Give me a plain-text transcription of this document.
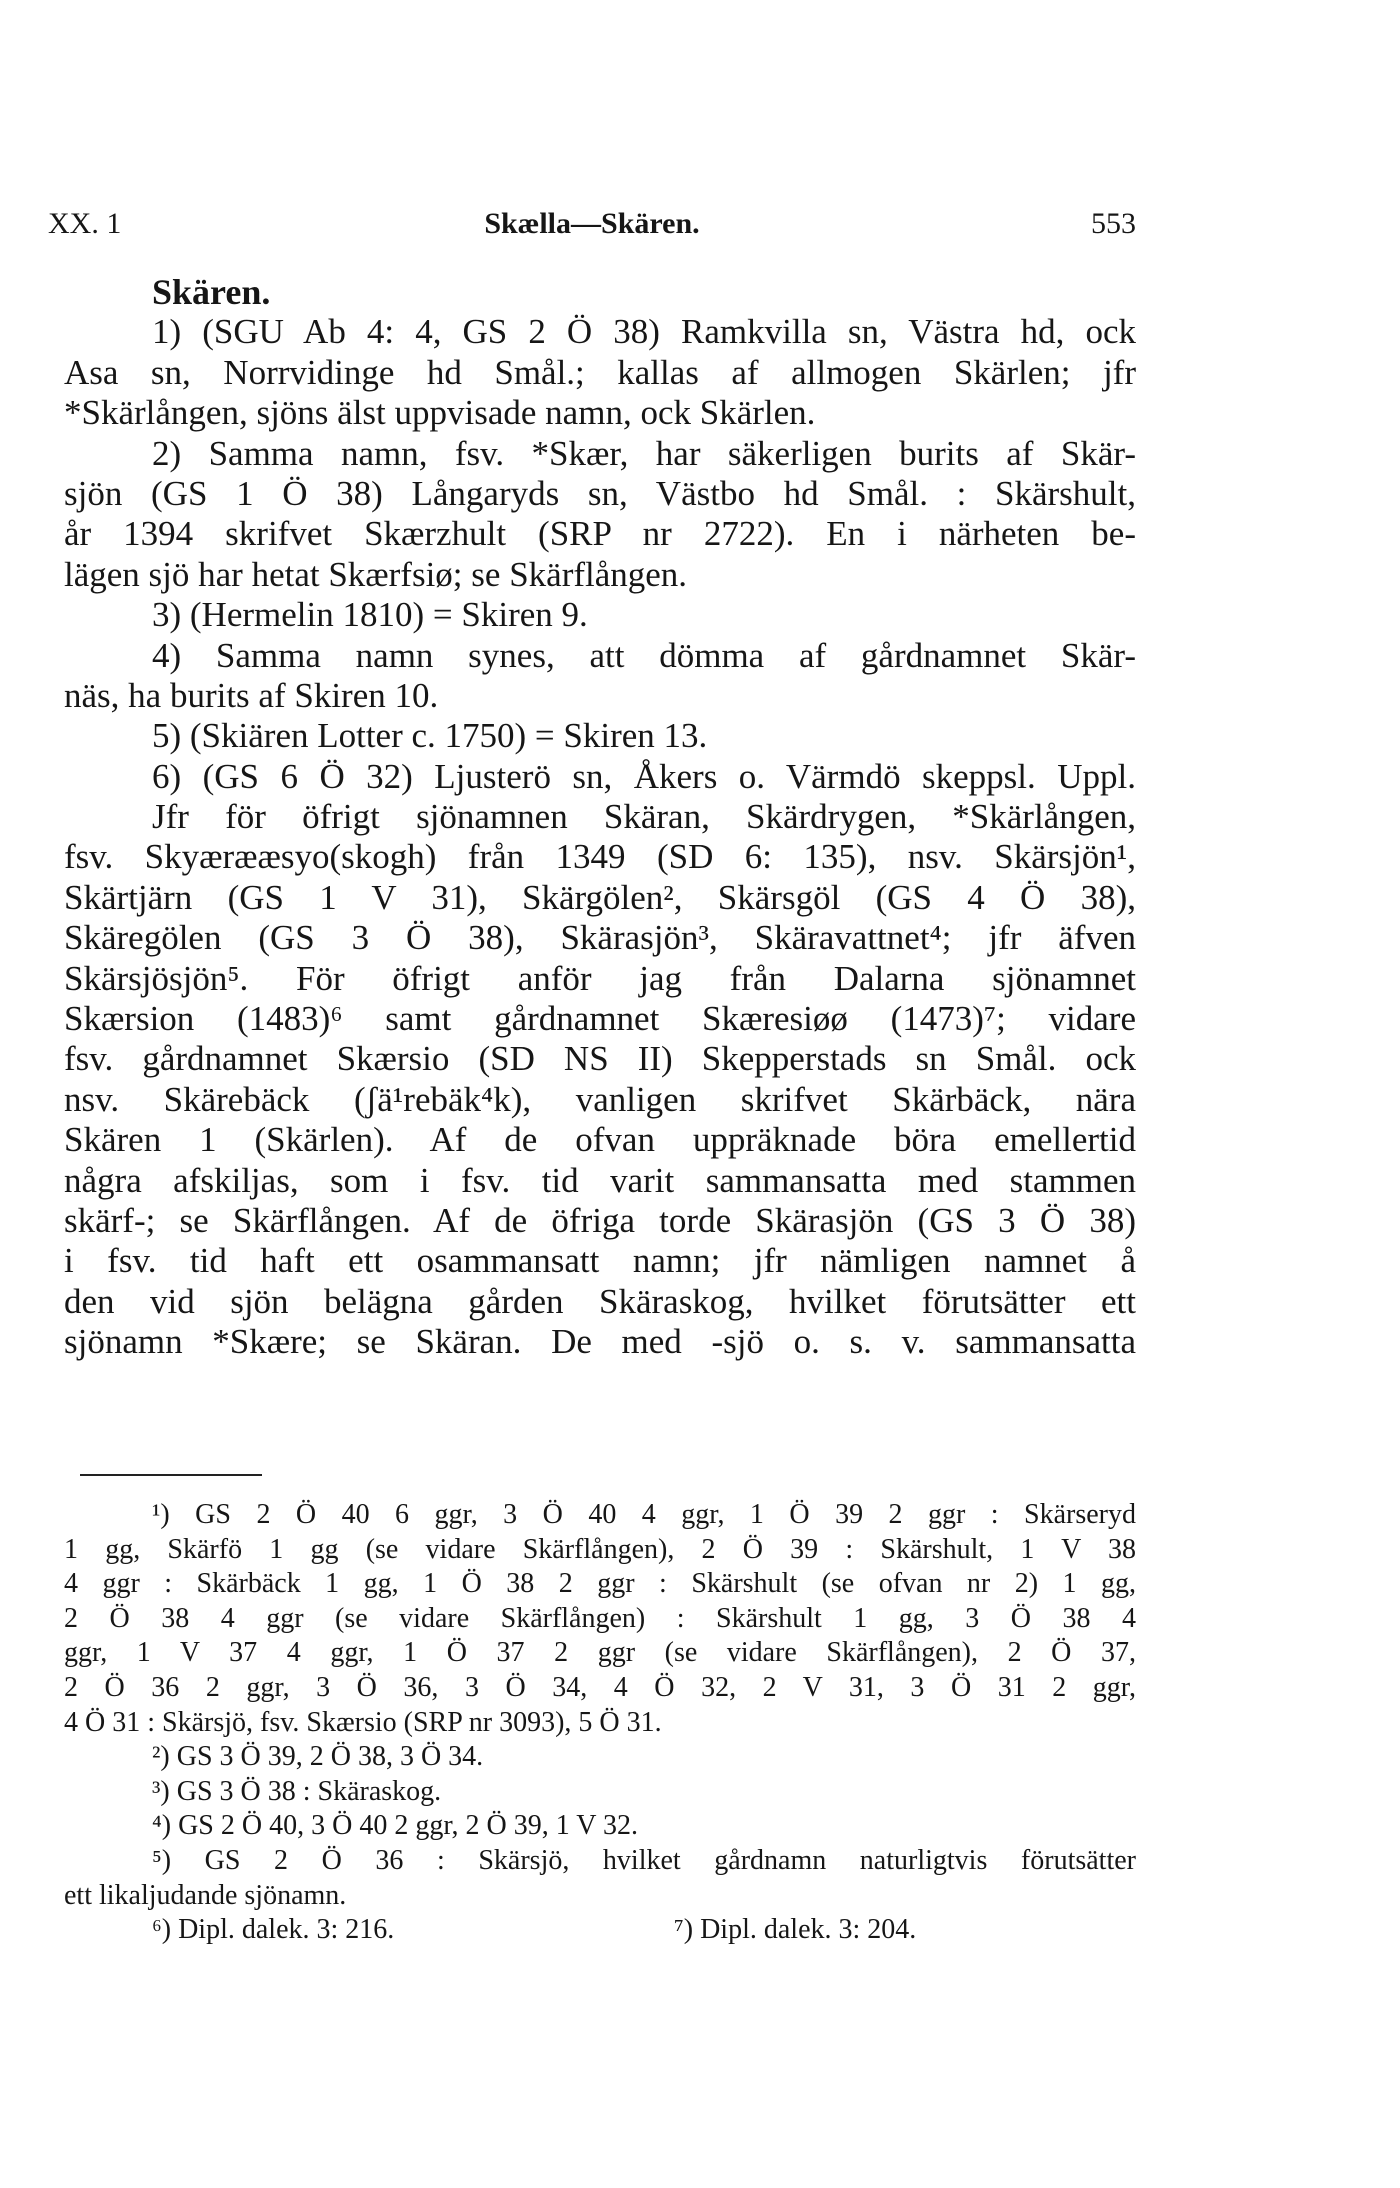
XX. 1	Skælla—Skären.	553
Skären.
1) (SGU Ab 4: 4, GS 2 Ö 38) Ramkvilla sn, Västra hd, ock
Asa sn, Norrvidinge hd Smål.; kallas af allmogen Skärlen; jfr
*Skärlången, sjöns älst uppvisade namn, ock Skärlen.
2) Samma namn, fsv. *Skær, har säkerligen burits af Skär-
sjön (GS 1 Ö 38) Långaryds sn, Västbo hd Smål. : Skärshult,
år 1394 skrifvet Skærzhult (SRP nr 2722). En i närheten be-
lägen sjö har hetat Skærfsiø; se Skärflången.
3) (Hermelin 1810) = Skiren 9.
4) Samma namn synes, att dömma af gårdnamnet Skär-
näs, ha burits af Skiren 10.
5) (Skiären Lotter c. 1750) = Skiren 13.
6) (GS 6 Ö 32) Ljusterö sn, Åkers o. Värmdö skeppsl. Uppl.
Jfr för öfrigt sjönamnen Skäran, Skärdrygen, *Skärlången,
fsv. Skyærææsyo(skogh) från 1349 (SD 6: 135), nsv. Skärsjön¹,
Skärtjärn (GS 1 V 31), Skärgölen², Skärsgöl (GS 4 Ö 38),
Skäregölen (GS 3 Ö 38), Skärasjön³, Skäravattnet⁴; jfr äfven
Skärsjösjön⁵. För öfrigt anför jag från Dalarna sjönamnet
Skærsion (1483)⁶ samt gårdnamnet Skæresiøø (1473)⁷; vidare
fsv. gårdnamnet Skærsio (SD NS II) Skepperstads sn Smål. ock
nsv. Skärebäck (ʃä¹rebäk⁴k), vanligen skrifvet Skärbäck, nära
Skären 1 (Skärlen). Af de ofvan uppräknade böra emellertid
några afskiljas, som i fsv. tid varit sammansatta med stammen
skärf-; se Skärflången. Af de öfriga torde Skärasjön (GS 3 Ö 38)
i fsv. tid haft ett osammansatt namn; jfr nämligen namnet å
den vid sjön belägna gården Skäraskog, hvilket förutsätter ett
sjönamn *Skære; se Skäran. De med -sjö o. s. v. sammansatta
¹) GS 2 Ö 40 6 ggr, 3 Ö 40 4 ggr, 1 Ö 39 2 ggr : Skärseryd
1 gg, Skärfö 1 gg (se vidare Skärflången), 2 Ö 39 : Skärshult, 1 V 38
4 ggr : Skärbäck 1 gg, 1 Ö 38 2 ggr : Skärshult (se ofvan nr 2) 1 gg,
2 Ö 38 4 ggr (se vidare Skärflången) : Skärshult 1 gg, 3 Ö 38 4
ggr, 1 V 37 4 ggr, 1 Ö 37 2 ggr (se vidare Skärflången), 2 Ö 37,
2 Ö 36 2 ggr, 3 Ö 36, 3 Ö 34, 4 Ö 32, 2 V 31, 3 Ö 31 2 ggr,
4 Ö 31 : Skärsjö, fsv. Skærsio (SRP nr 3093), 5 Ö 31.
²) GS 3 Ö 39, 2 Ö 38, 3 Ö 34.
³) GS 3 Ö 38 : Skäraskog.
⁴) GS 2 Ö 40, 3 Ö 40 2 ggr, 2 Ö 39, 1 V 32.
⁵) GS 2 Ö 36 : Skärsjö, hvilket gårdnamn naturligtvis förutsätter
ett likaljudande sjönamn.
⁶) Dipl. dalek. 3: 216.	⁷) Dipl. dalek. 3: 204.
